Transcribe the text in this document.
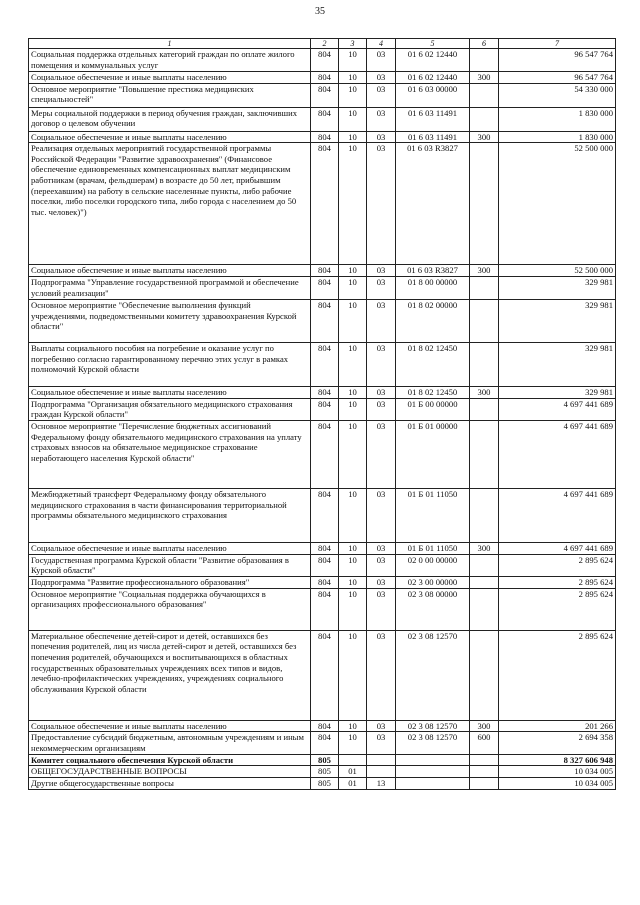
35
1	2	3	4	5	6	7
Социальная поддержка отдельных категорий граждан по оплате жилого помещения и коммунальных услуг	804	10	03	01 6 02 12440		96 547 764
Социальное обеспечение и иные выплаты населению	804	10	03	01 6 02 12440	300	96 547 764
Основное мероприятие "Повышение престижа медицинских специальностей"	804	10	03	01 6 03 00000		54 330 000
Меры социальной поддержки в период обучения граждан, заключивших договор о целевом обучении	804	10	03	01 6 03 11491		1 830 000
Социальное обеспечение и иные выплаты населению	804	10	03	01 6 03 11491	300	1 830 000
Реализация отдельных мероприятий государственной программы Российской Федерации "Развитие здравоохранения" (Финансовое обеспечение единовременных компенсационных выплат медицинским работникам (врачам, фельдшерам) в возрасте до 50 лет, прибывшим (переехавшим) на работу в сельские населенные пункты, либо рабочие поселки, либо поселки городского типа, либо города с населением до 50 тыс. человек)")	804	10	03	01 6 03 R3827		52 500 000
Социальное обеспечение и иные выплаты населению	804	10	03	01 6 03 R3827	300	52 500 000
Подпрограмма "Управление государственной программой и обеспечение условий реализации"	804	10	03	01 8 00 00000		329 981
Основное мероприятие "Обеспечение выполнения функций учреждениями, подведомственными комитету здравоохранения Курской области"	804	10	03	01 8 02 00000		329 981
Выплаты социального пособия на погребение и оказание услуг по погребению согласно гарантированному перечню этих услуг в рамках полномочий Курской области	804	10	03	01 8 02 12450		329 981
Социальное обеспечение и иные выплаты населению	804	10	03	01 8 02 12450	300	329 981
Подпрограмма "Организация обязательного медицинского страхования граждан Курской области"	804	10	03	01 Б 00 00000		4 697 441 689
Основное мероприятие "Перечисление бюджетных ассигнований Федеральному фонду обязательного медицинского страхования на уплату страховых взносов на обязательное медицинское страхование неработающего населения Курской области"	804	10	03	01 Б 01 00000		4 697 441 689
Межбюджетный трансферт Федеральному фонду обязательного медицинского страхования в части финансирования территориальной программы обязательного медицинского страхования	804	10	03	01 Б 01 11050		4 697 441 689
Социальное обеспечение и иные выплаты населению	804	10	03	01 Б 01 11050	300	4 697 441 689
Государственная программа Курской области "Развитие образования в Курской области"	804	10	03	02 0 00 00000		2 895 624
Подпрограмма "Развитие профессионального образования"	804	10	03	02 3 00 00000		2 895 624
Основное мероприятие "Социальная поддержка обучающихся в организациях профессионального образования"	804	10	03	02 3 08 00000		2 895 624
Материальное обеспечение детей-сирот и детей, оставшихся без попечения родителей, лиц из числа детей-сирот и детей, оставшихся без попечения родителей, обучающихся и воспитывающихся в областных государственных образовательных учреждениях всех типов и видов, лечебно-профилактических учреждениях, учреждениях социального обслуживания Курской области	804	10	03	02 3 08 12570		2 895 624
Социальное обеспечение и иные выплаты населению	804	10	03	02 3 08 12570	300	201 266
Предоставление субсидий бюджетным, автономным учреждениям и иным некоммерческим организациям	804	10	03	02 3 08 12570	600	2 694 358
Комитет социального обеспечения Курской области	805					8 327 606 948
ОБЩЕГОСУДАРСТВЕННЫЕ ВОПРОСЫ	805	01				10 034 005
Другие общегосударственные вопросы	805	01	13			10 034 005
